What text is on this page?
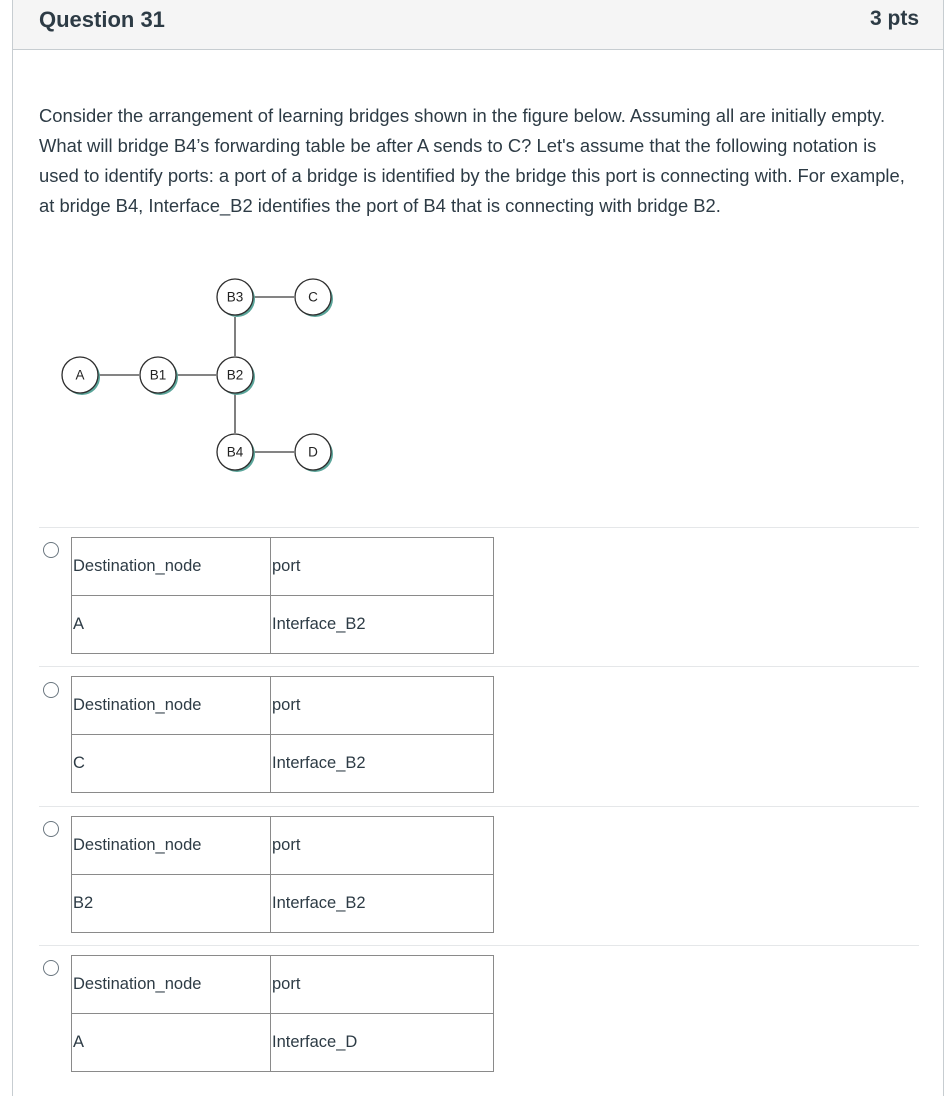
Question 31	3 pts
Consider the arrangement of learning bridges shown in the figure below. Assuming all are initially empty. What will bridge B4’s forwarding table be after A sends to C? Let's assume that the following notation is used to identify ports: a port of a bridge is identified by the bridge this port is connecting with. For example, at bridge B4, Interface_B2 identifies the port of B4 that is connecting with bridge B2.
A	B1	B2
B3	C
B4	D
Destination_node	port
A	Interface_B2
Destination_node	port
C	Interface_B2
Destination_node	port
B2	Interface_B2
Destination_node	port
A	Interface_D
